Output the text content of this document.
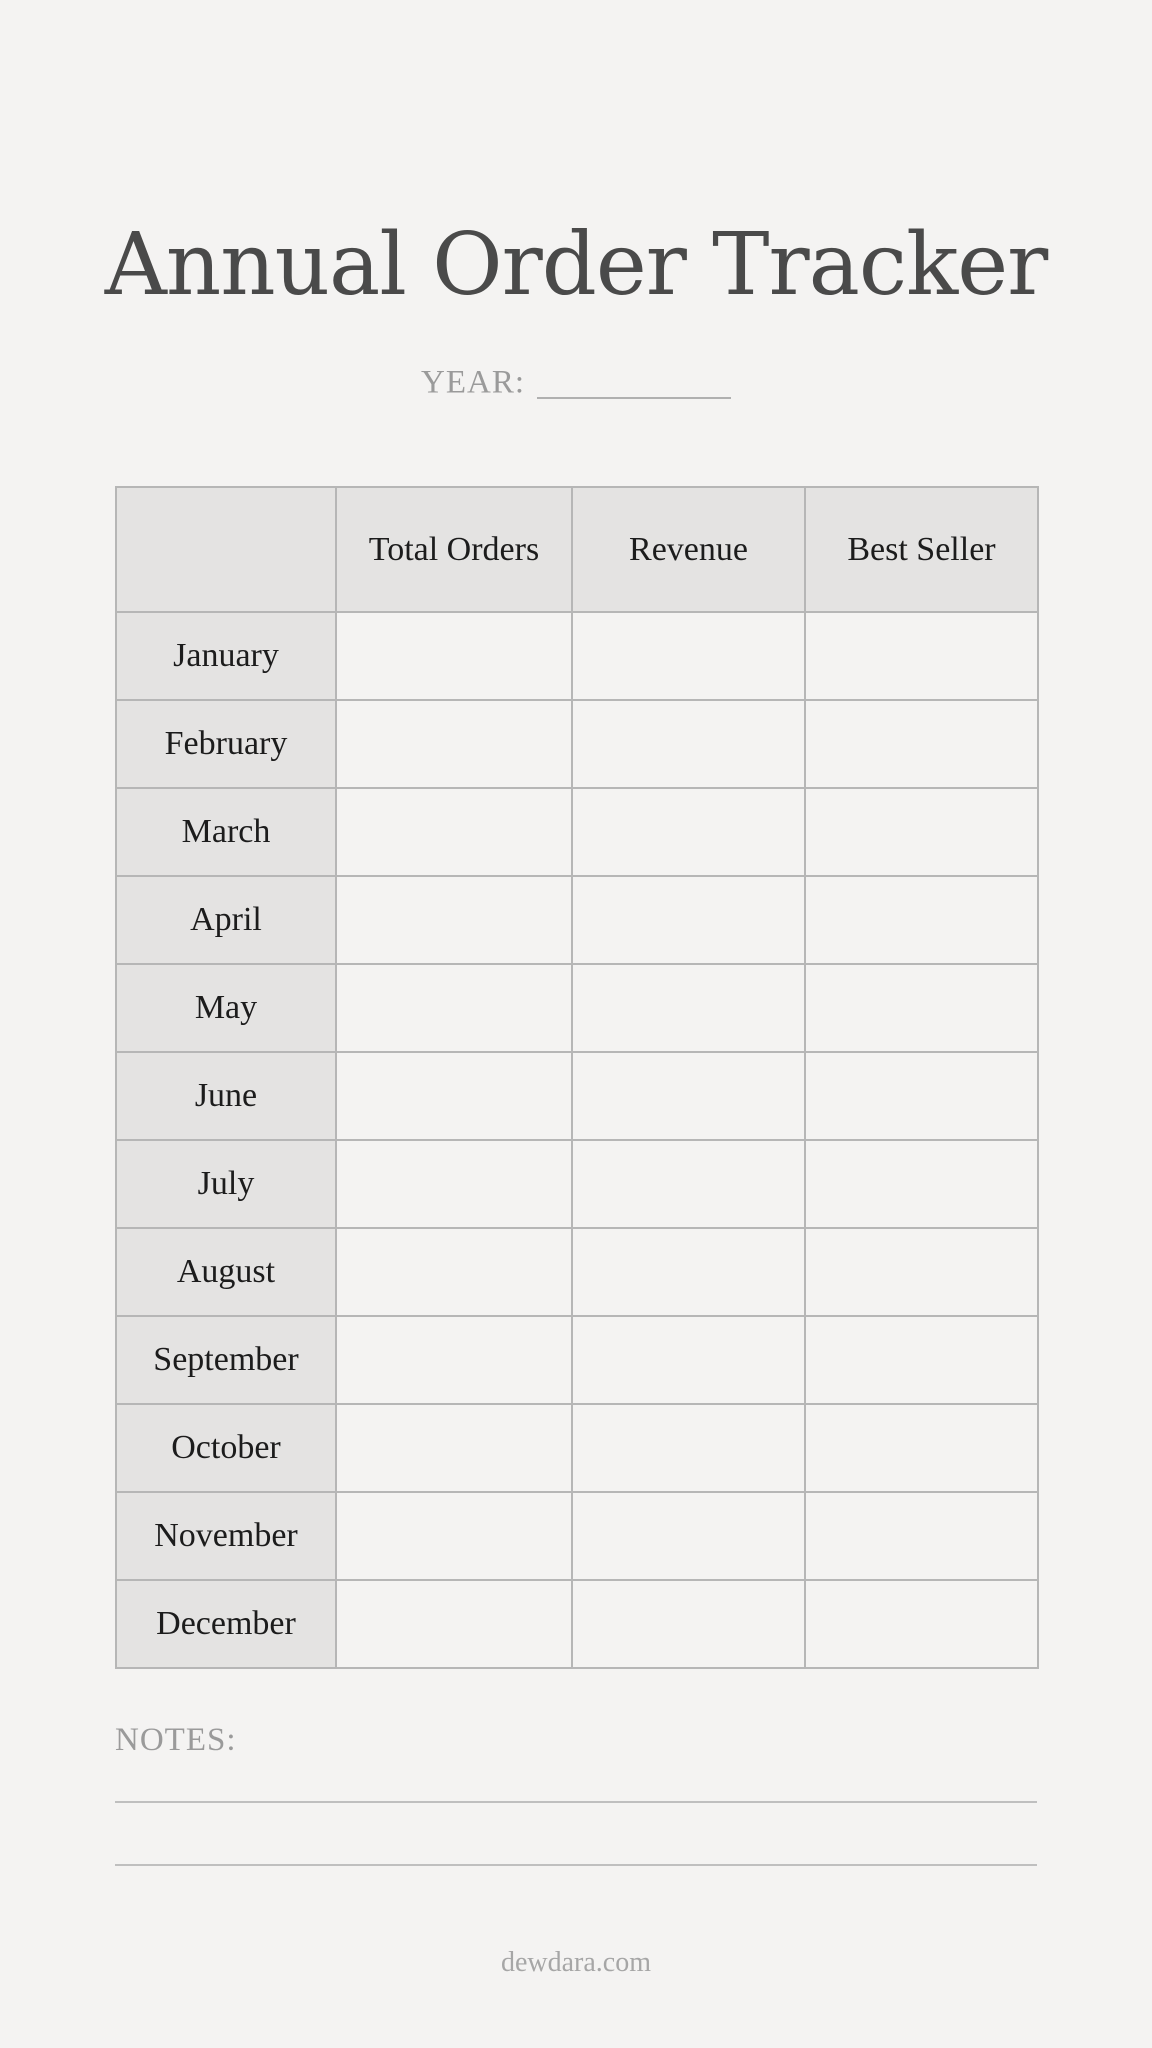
Annual Order Tracker
YEAR:
	Total Orders	Revenue	Best Seller
January			
February			
March			
April			
May			
June			
July			
August			
September			
October			
November			
December			
NOTES:
dewdara.com
